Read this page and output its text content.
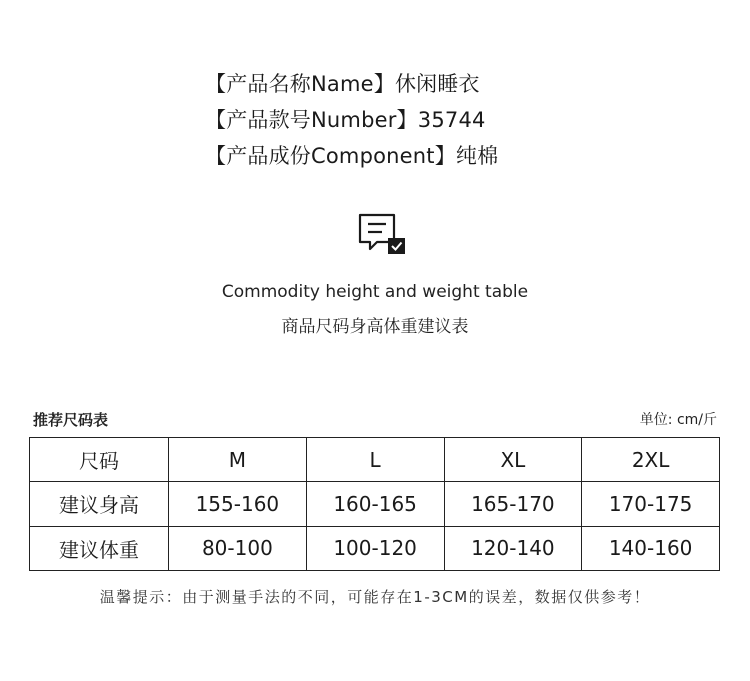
【产品名称Name】休闲睡衣
【产品款号Number】35744
【产品成份Component】纯棉
Commodity height and weight table
商品尺码身高体重建议表
推荐尺码表	单位: cm/斤
尺码	M	L	XL	2XL
建议身高	155-160	160-165	165-170	170-175
建议体重	80-100	100-120	120-140	140-160
温馨提示：由于测量手法的不同，可能存在1-3CM的误差，数据仅供参考！
